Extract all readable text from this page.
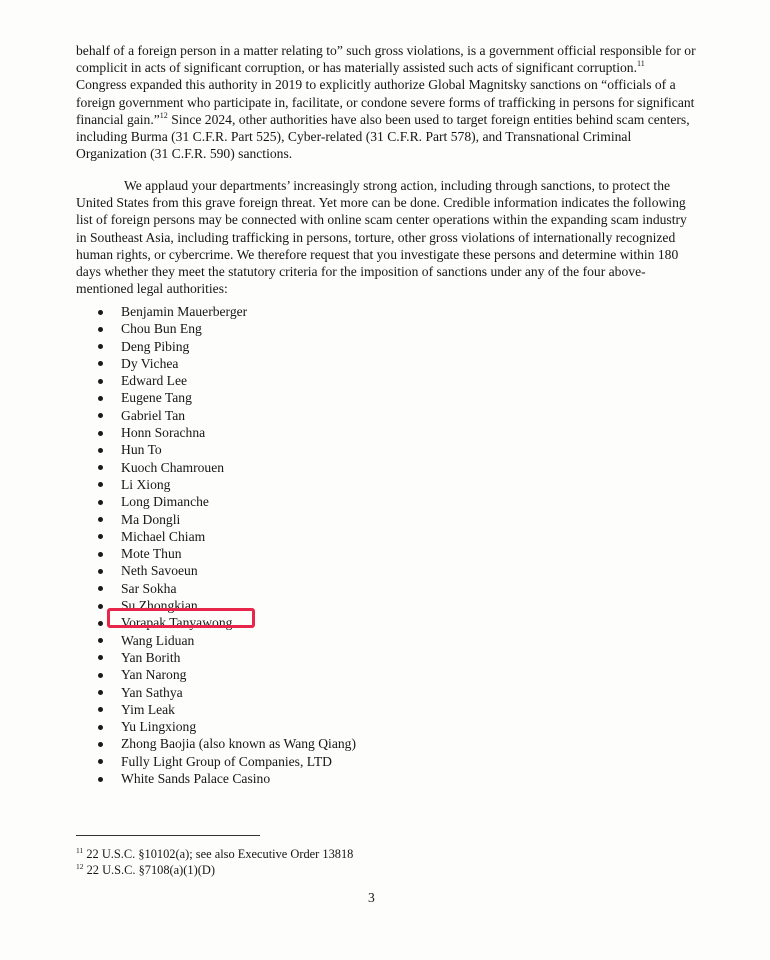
behalf of a foreign person in a matter relating to” such gross violations, is a government official responsible for or complicit in acts of significant corruption, or has materially assisted such acts of significant corruption.$^{11}$ Congress expanded this authority in 2019 to explicitly authorize Global Magnitsky sanctions on “officials of a foreign government who participate in, facilitate, or condone severe forms of trafficking in persons for significant financial gain.”$^{12}$ Since 2024, other authorities have also been used to target foreign entities behind scam centers, including Burma (31 C.F.R. Part 525), Cyber-related (31 C.F.R. Part 578), and Transnational Criminal Organization (31 C.F.R. 590) sanctions.

We applaud your departments’ increasingly strong action, including through sanctions, to protect the United States from this grave foreign threat. Yet more can be done. Credible information indicates the following list of foreign persons may be connected with online scam center operations within the expanding scam industry in Southeast Asia, including trafficking in persons, torture, other gross violations of internationally recognized human rights, or cybercrime. We therefore request that you investigate these persons and determine within 180 days whether they meet the statutory criteria for the imposition of sanctions under any of the four above-mentioned legal authorities:

Benjamin Mauerberger
Chou Bun Eng
Deng Pibing
Dy Vichea
Edward Lee
Eugene Tang
Gabriel Tan
Honn Sorachna
Hun To
Kuoch Chamrouen
Li Xiong
Long Dimanche
Ma Dongli
Michael Chiam
Mote Thun
Neth Savoeun
Sar Sokha
Su Zhongkian
Vorapak Tanyawong
Wang Liduan
Yan Borith
Yan Narong
Yan Sathya
Yim Leak
Yu Lingxiong
Zhong Baojia (also known as Wang Qiang)
Fully Light Group of Companies, LTD
White Sands Palace Casino
$^{11}$ 22 U.S.C. §10102(a); see also Executive Order 13818
$^{12}$ 22 U.S.C. §7108(a)(1)(D)
3
